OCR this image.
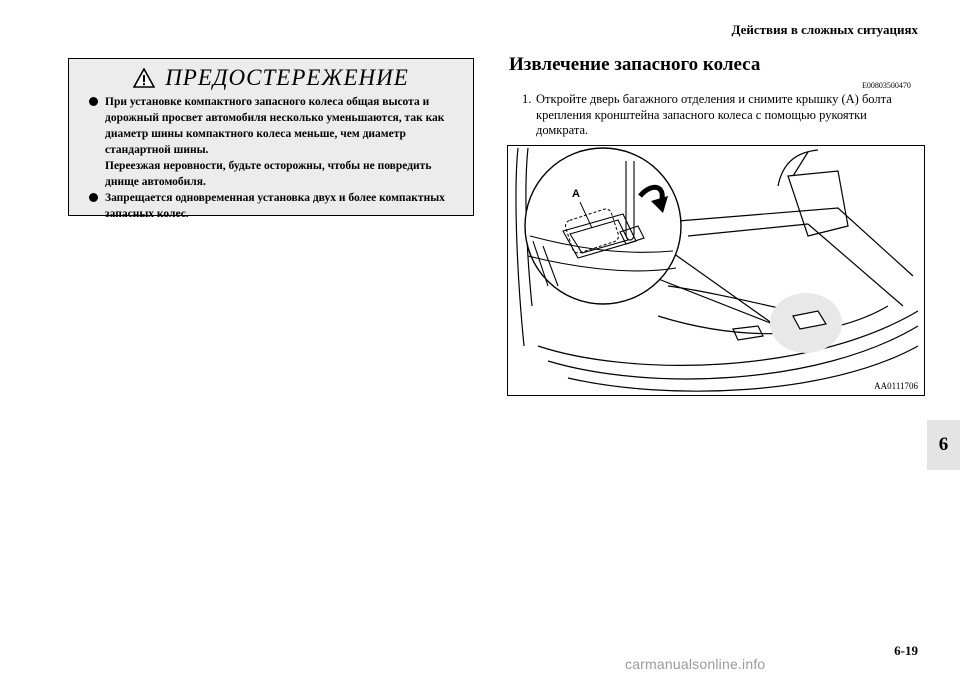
Действия в сложных ситуациях
ПРЕДОСТЕРЕЖЕНИЕ

При установке компактного запасного колеса общая высота и дорожный просвет автомобиля несколько уменьшаются, так как диаметр шины компактного колеса меньше, чем диаметр стандартной шины.

Переезжая неровности, будьте осторожны, чтобы не повредить днище автомобиля.

Запрещается одновременная установка двух и более компактных запасных колес.

Извлечение запасного колеса
E00803500470
1. Откройте дверь багажного отделения и снимите крышку (A) болта крепления кронштейна запасного колеса с помощью рукоятки домкрата.
A
AA0111706
6
6-19
carmanualsonline.info
